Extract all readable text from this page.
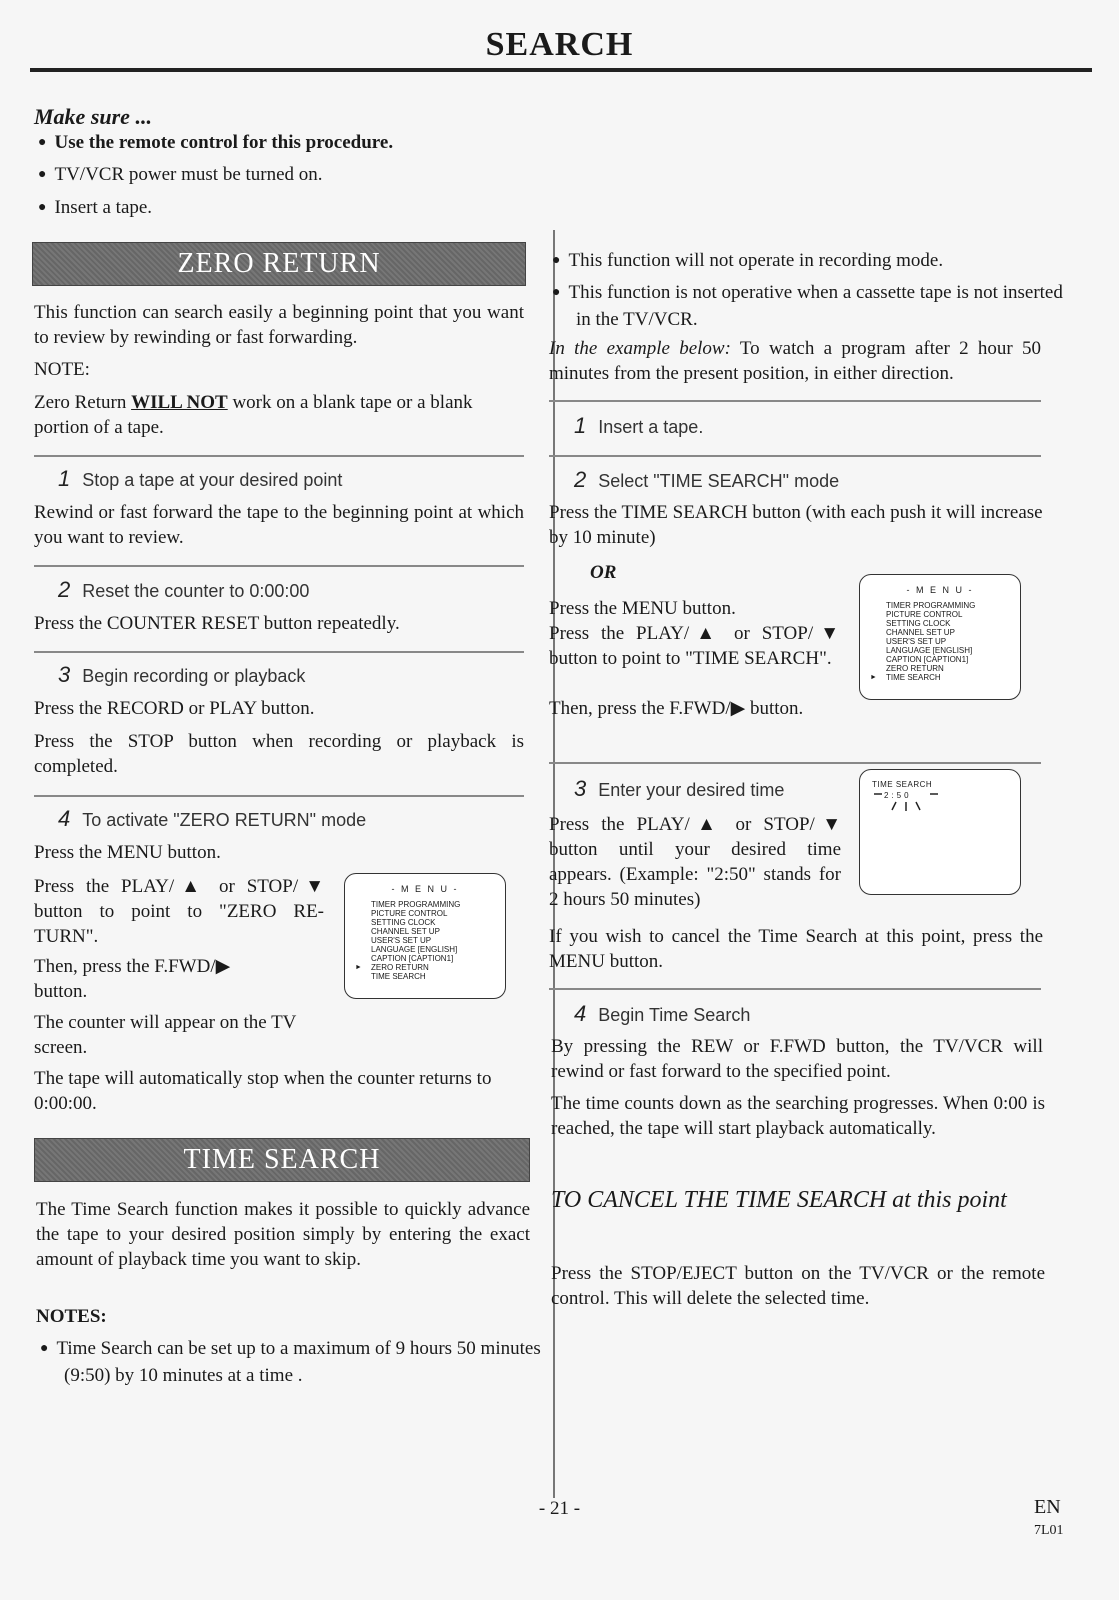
SEARCH
Make sure ...
● Use the remote control for this procedure.
● TV/VCR power must be turned on.
● Insert a tape.
ZERO RETURN
This function can search easily a beginning point that you want to review by rewinding or fast forwarding.
NOTE:
Zero Return WILL NOT work on a blank tape or a blank portion of a tape.
1 Stop a tape at your desired point
Rewind or fast forward the tape to the beginning point at which you want to review.
2 Reset the counter to 0:00:00
Press the COUNTER RESET button repeatedly.
3 Begin recording or playback
Press the RECORD or PLAY button.
Press the STOP button when recording or playback is completed.
4 To activate "ZERO RETURN" mode
Press the MENU button.
Press the PLAY/▲ or STOP/▼ button to point to "ZERO RE-TURN".
Then, press the F.FWD/▶ button.
The counter will appear on the TV screen.
The tape will automatically stop when the counter returns to 0:00:00.
- M E N U -
TIMER PROGRAMMING
PICTURE CONTROL
SETTING CLOCK
CHANNEL SET UP
USER'S SET UP
LANGUAGE [ENGLISH]
CAPTION [CAPTION1]
► ZERO RETURN
TIME SEARCH
TIME SEARCH
The Time Search function makes it possible to quickly advance the tape to your desired position simply by entering the exact amount of playback time you want to skip.
NOTES:
● Time Search can be set up to a maximum of 9 hours 50 minutes (9:50) by 10 minutes at a time .
● This function will not operate in recording mode.
● This function is not operative when a cassette tape is not inserted in the TV/VCR.
In the example below: To watch a program after 2 hour 50 minutes from the present position, in either direction.
1 Insert a tape.
2 Select "TIME SEARCH" mode
Press the TIME SEARCH button (with each push it will increase by 10 minute)
OR
Press the MENU button.
Press the PLAY/▲ or STOP/▼ button to point to "TIME SEARCH".
Then, press the F.FWD/▶ button.
- M E N U -
TIMER PROGRAMMING
PICTURE CONTROL
SETTING CLOCK
CHANNEL SET UP
USER'S SET UP
LANGUAGE [ENGLISH]
CAPTION [CAPTION1]
ZERO RETURN
► TIME SEARCH
3 Enter your desired time
Press the PLAY/▲ or STOP/▼ button until your desired time appears. (Example: "2:50" stands for 2 hours 50 minutes)
If you wish to cancel the Time Search at this point, press the MENU button.
TIME SEARCH
2:50
4 Begin Time Search
By pressing the REW or F.FWD button, the TV/VCR will rewind or fast forward to the specified point.
The time counts down as the searching progresses. When 0:00 is reached, the tape will start playback automatically.
TO CANCEL THE TIME SEARCH at this point
Press the STOP/EJECT button on the TV/VCR or the remote control. This will delete the selected time.
- 21 -	EN
7L01
